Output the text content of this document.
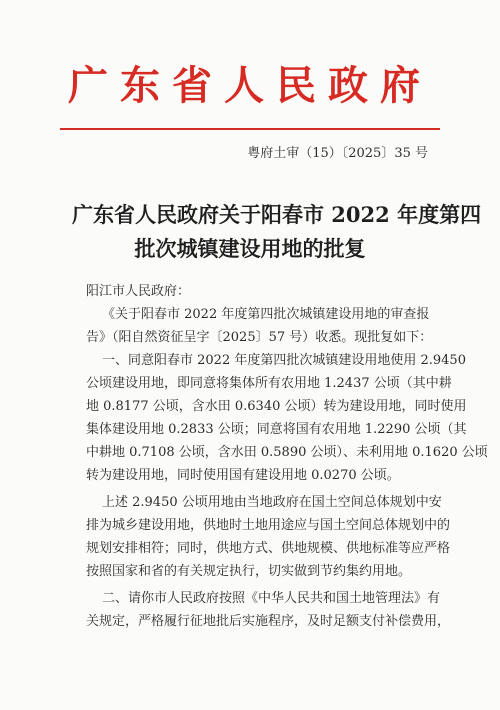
广东省人民政府
粤府土审（15）〔2025〕35 号
广东省人民政府关于阳春市 2022 年度第四
批次城镇建设用地的批复

阳江市人民政府：

《关于阳春市 2022 年度第四批次城镇建设用地的审查报

告》（阳自然资征呈字〔2025〕57 号）收悉。现批复如下：

一、同意阳春市 2022 年度第四批次城镇建设用地使用 2.9450

公顷建设用地，即同意将集体所有农用地 1.2437 公顷（其中耕

地 0.8177 公顷，含水田 0.6340 公顷）转为建设用地，同时使用

集体建设用地 0.2833 公顷；同意将国有农用地 1.2290 公顷（其

中耕地 0.7108 公顷，含水田 0.5890 公顷）、未利用地 0.1620 公顷

转为建设用地，同时使用国有建设用地 0.0270 公顷。

上述 2.9450 公顷用地由当地政府在国土空间总体规划中安

排为城乡建设用地，供地时土地用途应与国土空间总体规划中的

规划安排相符；同时，供地方式、供地规模、供地标准等应严格

按照国家和省的有关规定执行，切实做到节约集约用地。

二、请你市人民政府按照《中华人民共和国土地管理法》有

关规定，严格履行征地批后实施程序，及时足额支付补偿费用，
